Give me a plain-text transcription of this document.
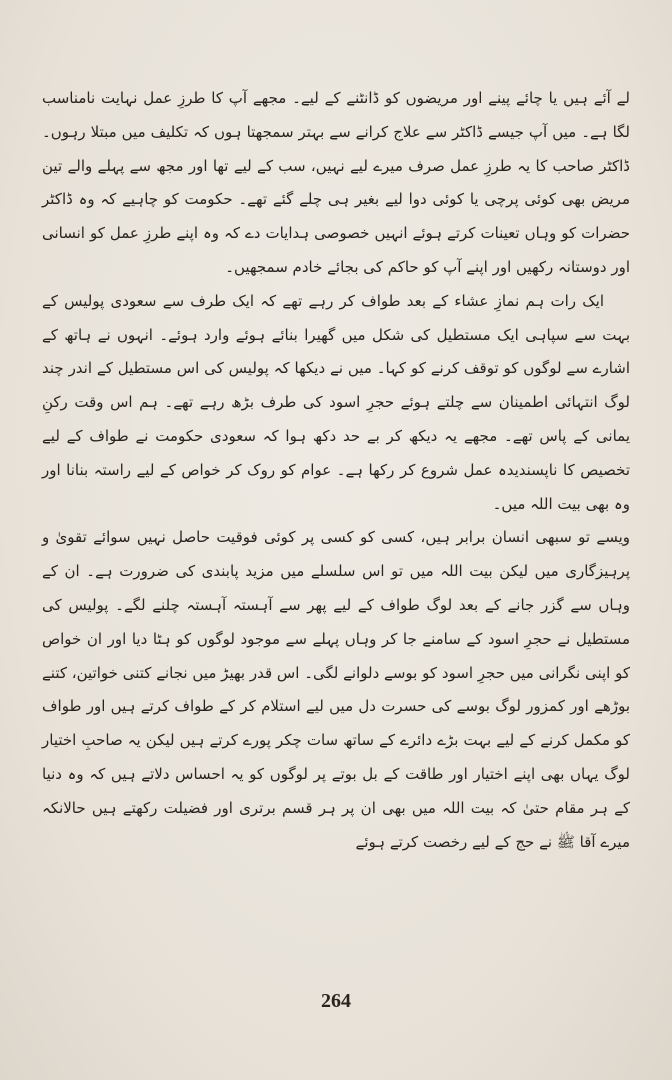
لے آئے ہیں یا چائے پینے اور مریضوں کو ڈانٹنے کے لیے۔ مجھے آپ کا طرزِ عمل نہایت نامناسب لگا ہے۔ میں آپ جیسے ڈاکٹر سے علاج کرانے سے بہتر سمجھتا ہوں کہ تکلیف میں مبتلا رہوں۔ ڈاکٹر صاحب کا یہ طرزِ عمل صرف میرے لیے نہیں، سب کے لیے تھا اور مجھ سے پہلے والے تین مریض بھی کوئی پرچی یا کوئی دوا لیے بغیر ہی چلے گئے تھے۔ حکومت کو چاہیے کہ وہ ڈاکٹر حضرات کو وہاں تعینات کرتے ہوئے انہیں خصوصی ہدایات دے کہ وہ اپنے طرزِ عمل کو انسانی اور دوستانہ رکھیں اور اپنے آپ کو حاکم کی بجائے خادم سمجھیں۔

ایک رات ہم نمازِ عشاء کے بعد طواف کر رہے تھے کہ ایک طرف سے سعودی پولیس کے بہت سے سپاہی ایک مستطیل کی شکل میں گھیرا بنائے ہوئے وارد ہوئے۔ انہوں نے ہاتھ کے اشارے سے لوگوں کو توقف کرنے کو کہا۔ میں نے دیکھا کہ پولیس کی اس مستطیل کے اندر چند لوگ انتہائی اطمینان سے چلتے ہوئے حجرِ اسود کی طرف بڑھ رہے تھے۔ ہم اس وقت رکنِ یمانی کے پاس تھے۔ مجھے یہ دیکھ کر بے حد دکھ ہوا کہ سعودی حکومت نے طواف کے لیے تخصیص کا ناپسندیدہ عمل شروع کر رکھا ہے۔ عوام کو روک کر خواص کے لیے راستہ بنانا اور وہ بھی بیت اللہ میں۔

ویسے تو سبھی انسان برابر ہیں، کسی کو کسی پر کوئی فوقیت حاصل نہیں سوائے تقویٰ و پرہیزگاری میں لیکن بیت اللہ میں تو اس سلسلے میں مزید پابندی کی ضرورت ہے۔ ان کے وہاں سے گزر جانے کے بعد لوگ طواف کے لیے پھر سے آہستہ آہستہ چلنے لگے۔ پولیس کی مستطیل نے حجرِ اسود کے سامنے جا کر وہاں پہلے سے موجود لوگوں کو ہٹا دیا اور ان خواص کو اپنی نگرانی میں حجرِ اسود کو بوسے دلوانے لگی۔ اس قدر بھیڑ میں نجانے کتنی خواتین، کتنے بوڑھے اور کمزور لوگ بوسے کی حسرت دل میں لیے استلام کر کے طواف کرتے ہیں اور طواف کو مکمل کرنے کے لیے بہت بڑے دائرے کے ساتھ سات چکر پورے کرتے ہیں لیکن یہ صاحبِ اختیار لوگ یہاں بھی اپنے اختیار اور طاقت کے بل بوتے پر لوگوں کو یہ احساس دلاتے ہیں کہ وہ دنیا کے ہر مقام حتیٰ کہ بیت اللہ میں بھی ان پر ہر قسم برتری اور فضیلت رکھتے ہیں حالانکہ میرے آقا ﷺ نے حج کے لیے رخصت کرتے ہوئے

264
